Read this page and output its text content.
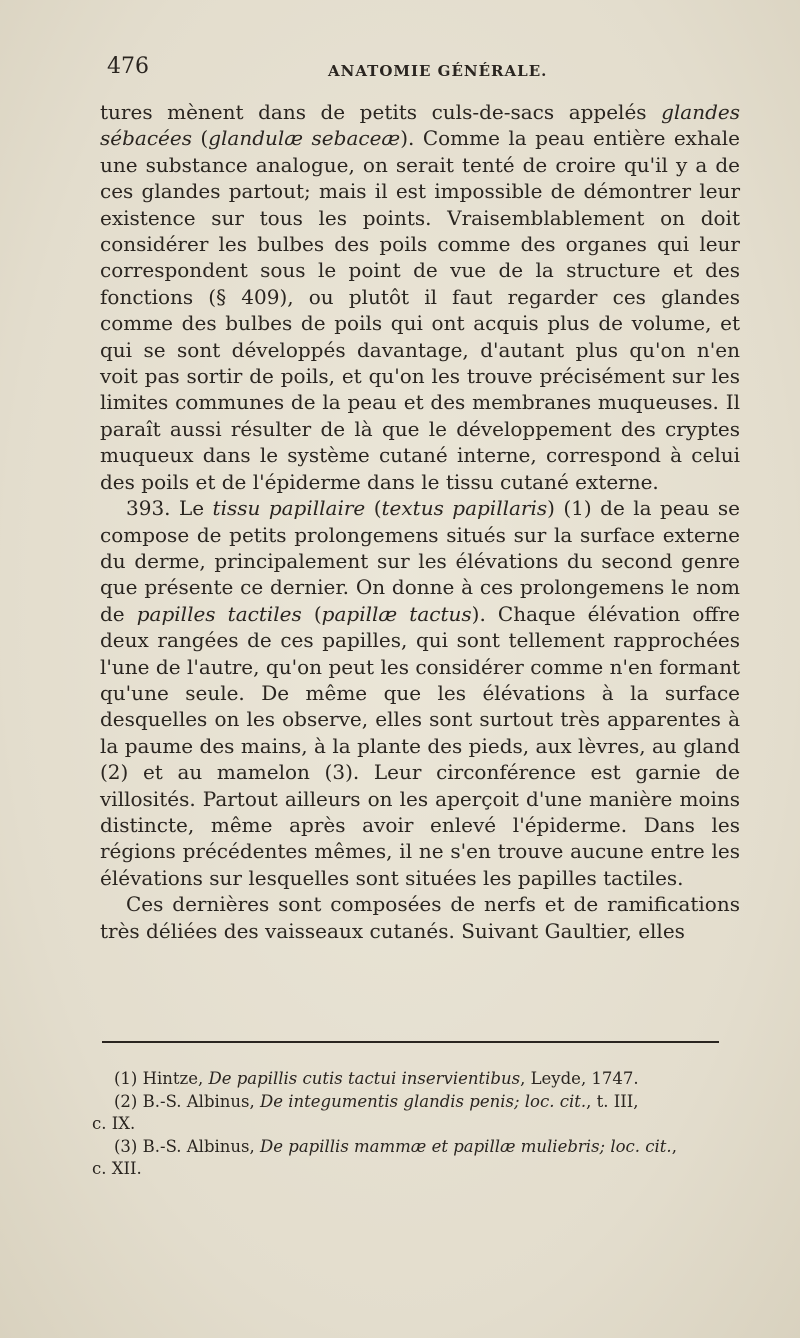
476	ANATOMIE GÉNÉRALE.

tures mènent dans de petits culs-de-sacs appelés glandes sébacées (glandulæ sebaceæ). Comme la peau entière exhale une substance analogue, on serait tenté de croire qu'il y a de ces glandes partout; mais il est impossible de démontrer leur existence sur tous les points. Vraisemblablement on doit considérer les bulbes des poils comme des organes qui leur correspondent sous le point de vue de la structure et des fonctions (§ 409), ou plutôt il faut regarder ces glandes comme des bulbes de poils qui ont acquis plus de volume, et qui se sont développés davantage, d'autant plus qu'on n'en voit pas sortir de poils, et qu'on les trouve précisément sur les limites communes de la peau et des membranes muqueuses. Il paraît aussi résulter de là que le développement des cryptes muqueux dans le système cutané interne, correspond à celui des poils et de l'épiderme dans le tissu cutané externe.

393. Le tissu papillaire (textus papillaris) (1) de la peau se compose de petits prolongemens situés sur la surface externe du derme, principalement sur les élévations du second genre que présente ce dernier. On donne à ces prolongemens le nom de papilles tactiles (papillæ tactus). Chaque élévation offre deux rangées de ces papilles, qui sont tellement rapprochées l'une de l'autre, qu'on peut les considérer comme n'en formant qu'une seule. De même que les élévations à la surface desquelles on les observe, elles sont surtout très apparentes à la paume des mains, à la plante des pieds, aux lèvres, au gland (2) et au mamelon (3). Leur circonférence est garnie de villosités. Partout ailleurs on les aperçoit d'une manière moins distincte, même après avoir enlevé l'épiderme. Dans les régions précédentes mêmes, il ne s'en trouve aucune entre les élévations sur lesquelles sont situées les papilles tactiles.

Ces dernières sont composées de nerfs et de ramifications très déliées des vaisseaux cutanés. Suivant Gaultier, elles

(1) Hintze, De papillis cutis tactui inservientibus, Leyde, 1747.

(2) B.-S. Albinus, De integumentis glandis penis; loc. cit., t. III,
c. IX.

(3) B.-S. Albinus, De papillis mammæ et papillæ muliebris; loc. cit.,
c. XII.
